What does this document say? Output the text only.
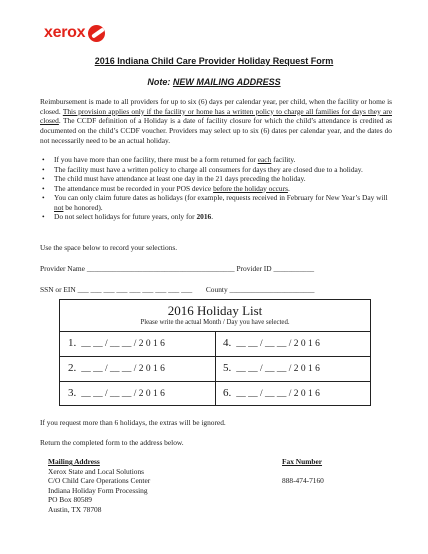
xerox
2016 Indiana Child Care Provider Holiday Request Form
Note: NEW MAILING ADDRESS
Reimbursement is made to all providers for up to six (6) days per calendar year, per child, when the facility or home is closed. This provision applies only if the facility or home has a written policy to charge all families for days they are closed. The CCDF definition of a Holiday is a date of facility closure for which the child’s attendance is credited as documented on the child’s CCDF voucher. Providers may select up to six (6) dates per calendar year, and the dates do not necessarily need to be an actual holiday.
• If you have more than one facility, there must be a form returned for each facility.
• The facility must have a written policy to charge all consumers for days they are closed due to a holiday.
• The child must have attendance at least one day in the 21 days preceding the holiday.
• The attendance must be recorded in your POS device before the holiday occurs.
• You can only claim future dates as holidays (for example, requests received in February for New Year’s Day will not be honored).
• Do not select holidays for future years, only for 2016.
Use the space below to record your selections.
Provider Name ________________________________________ Provider ID ___________
SSN or EIN ___ ___ ___ ___ ___ ___ ___ ___ ___ County _______________________
2016 Holiday List
Please write the actual Month / Day you have selected.
1. __ __ / __ __ / 2 0 1 6
2. __ __ / __ __ / 2 0 1 6
3. __ __ / __ __ / 2 0 1 6
4. __ __ / __ __ / 2 0 1 6
5. __ __ / __ __ / 2 0 1 6
6. __ __ / __ __ / 2 0 1 6
If you request more than 6 holidays, the extras will be ignored.
Return the completed form to the address below.
Mailing Address
Xerox State and Local Solutions
C/O Child Care Operations Center
Indiana Holiday Form Processing
PO Box 80589
Austin, TX 78708
Fax Number
888-474-7160
